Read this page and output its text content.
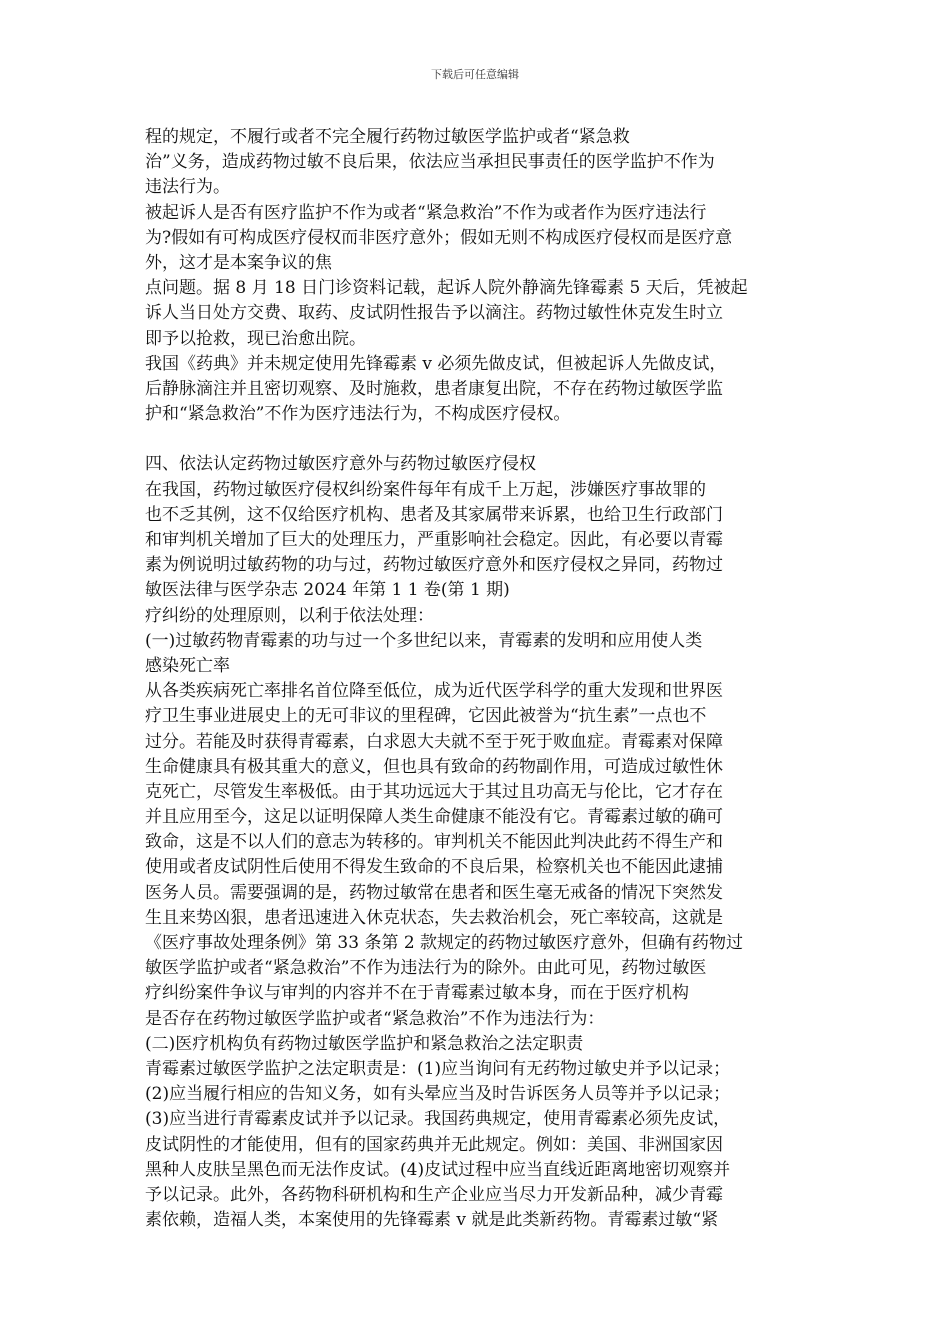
下载后可任意编辑
程的规定，不履行或者不完全履行药物过敏医学监护或者“紧急救
治”义务，造成药物过敏不良后果，依法应当承担民事责任的医学监护不作为
违法行为。
被起诉人是否有医疗监护不作为或者“紧急救治”不作为或者作为医疗违法行
为?假如有可构成医疗侵权而非医疗意外；假如无则不构成医疗侵权而是医疗意
外，这才是本案争议的焦
点问题。据 8 月 18 日门诊资料记载，起诉人院外静滴先锋霉素 5 天后，凭被起
诉人当日处方交费、取药、皮试阴性报告予以滴注。药物过敏性休克发生时立
即予以抢救，现已治愈出院。
我国《药典》并未规定使用先锋霉素 v 必须先做皮试，但被起诉人先做皮试，
后静脉滴注并且密切观察、及时施救，患者康复出院，不存在药物过敏医学监
护和“紧急救治”不作为医疗违法行为，不构成医疗侵权。
四、依法认定药物过敏医疗意外与药物过敏医疗侵权
在我国，药物过敏医疗侵权纠纷案件每年有成千上万起，涉嫌医疗事故罪的
也不乏其例，这不仅给医疗机构、患者及其家属带来诉累，也给卫生行政部门
和审判机关增加了巨大的处理压力，严重影响社会稳定。因此，有必要以青霉
素为例说明过敏药物的功与过，药物过敏医疗意外和医疗侵权之异同，药物过
敏医法律与医学杂志 2024 年第 1 1 卷(第 1 期)
疗纠纷的处理原则，以利于依法处理：
(一)过敏药物青霉素的功与过一个多世纪以来，青霉素的发明和应用使人类
感染死亡率
从各类疾病死亡率排名首位降至低位，成为近代医学科学的重大发现和世界医
疗卫生事业进展史上的无可非议的里程碑，它因此被誉为“抗生素”一点也不
过分。若能及时获得青霉素，白求恩大夫就不至于死于败血症。青霉素对保障
生命健康具有极其重大的意义，但也具有致命的药物副作用，可造成过敏性休
克死亡，尽管发生率极低。由于其功远远大于其过且功高无与伦比，它才存在
并且应用至今，这足以证明保障人类生命健康不能没有它。青霉素过敏的确可
致命，这是不以人们的意志为转移的。审判机关不能因此判决此药不得生产和
使用或者皮试阴性后使用不得发生致命的不良后果，检察机关也不能因此逮捕
医务人员。需要强调的是，药物过敏常在患者和医生毫无戒备的情况下突然发
生且来势凶狠，患者迅速进入休克状态，失去救治机会，死亡率较高，这就是
《医疗事故处理条例》第 33 条第 2 款规定的药物过敏医疗意外，但确有药物过
敏医学监护或者“紧急救治”不作为违法行为的除外。由此可见，药物过敏医
疗纠纷案件争议与审判的内容并不在于青霉素过敏本身，而在于医疗机构
是否存在药物过敏医学监护或者“紧急救治”不作为违法行为：
(二)医疗机构负有药物过敏医学监护和紧急救治之法定职责
青霉素过敏医学监护之法定职责是：(1)应当询问有无药物过敏史并予以记录；
(2)应当履行相应的告知义务，如有头晕应当及时告诉医务人员等并予以记录；
(3)应当进行青霉素皮试并予以记录。我国药典规定，使用青霉素必须先皮试，
皮试阴性的才能使用，但有的国家药典并无此规定。例如：美国、非洲国家因
黑种人皮肤呈黑色而无法作皮试。(4)皮试过程中应当直线近距离地密切观察并
予以记录。此外，各药物科研机构和生产企业应当尽力开发新品种，减少青霉
素依赖，造福人类，本案使用的先锋霉素 v 就是此类新药物。青霉素过敏“紧
